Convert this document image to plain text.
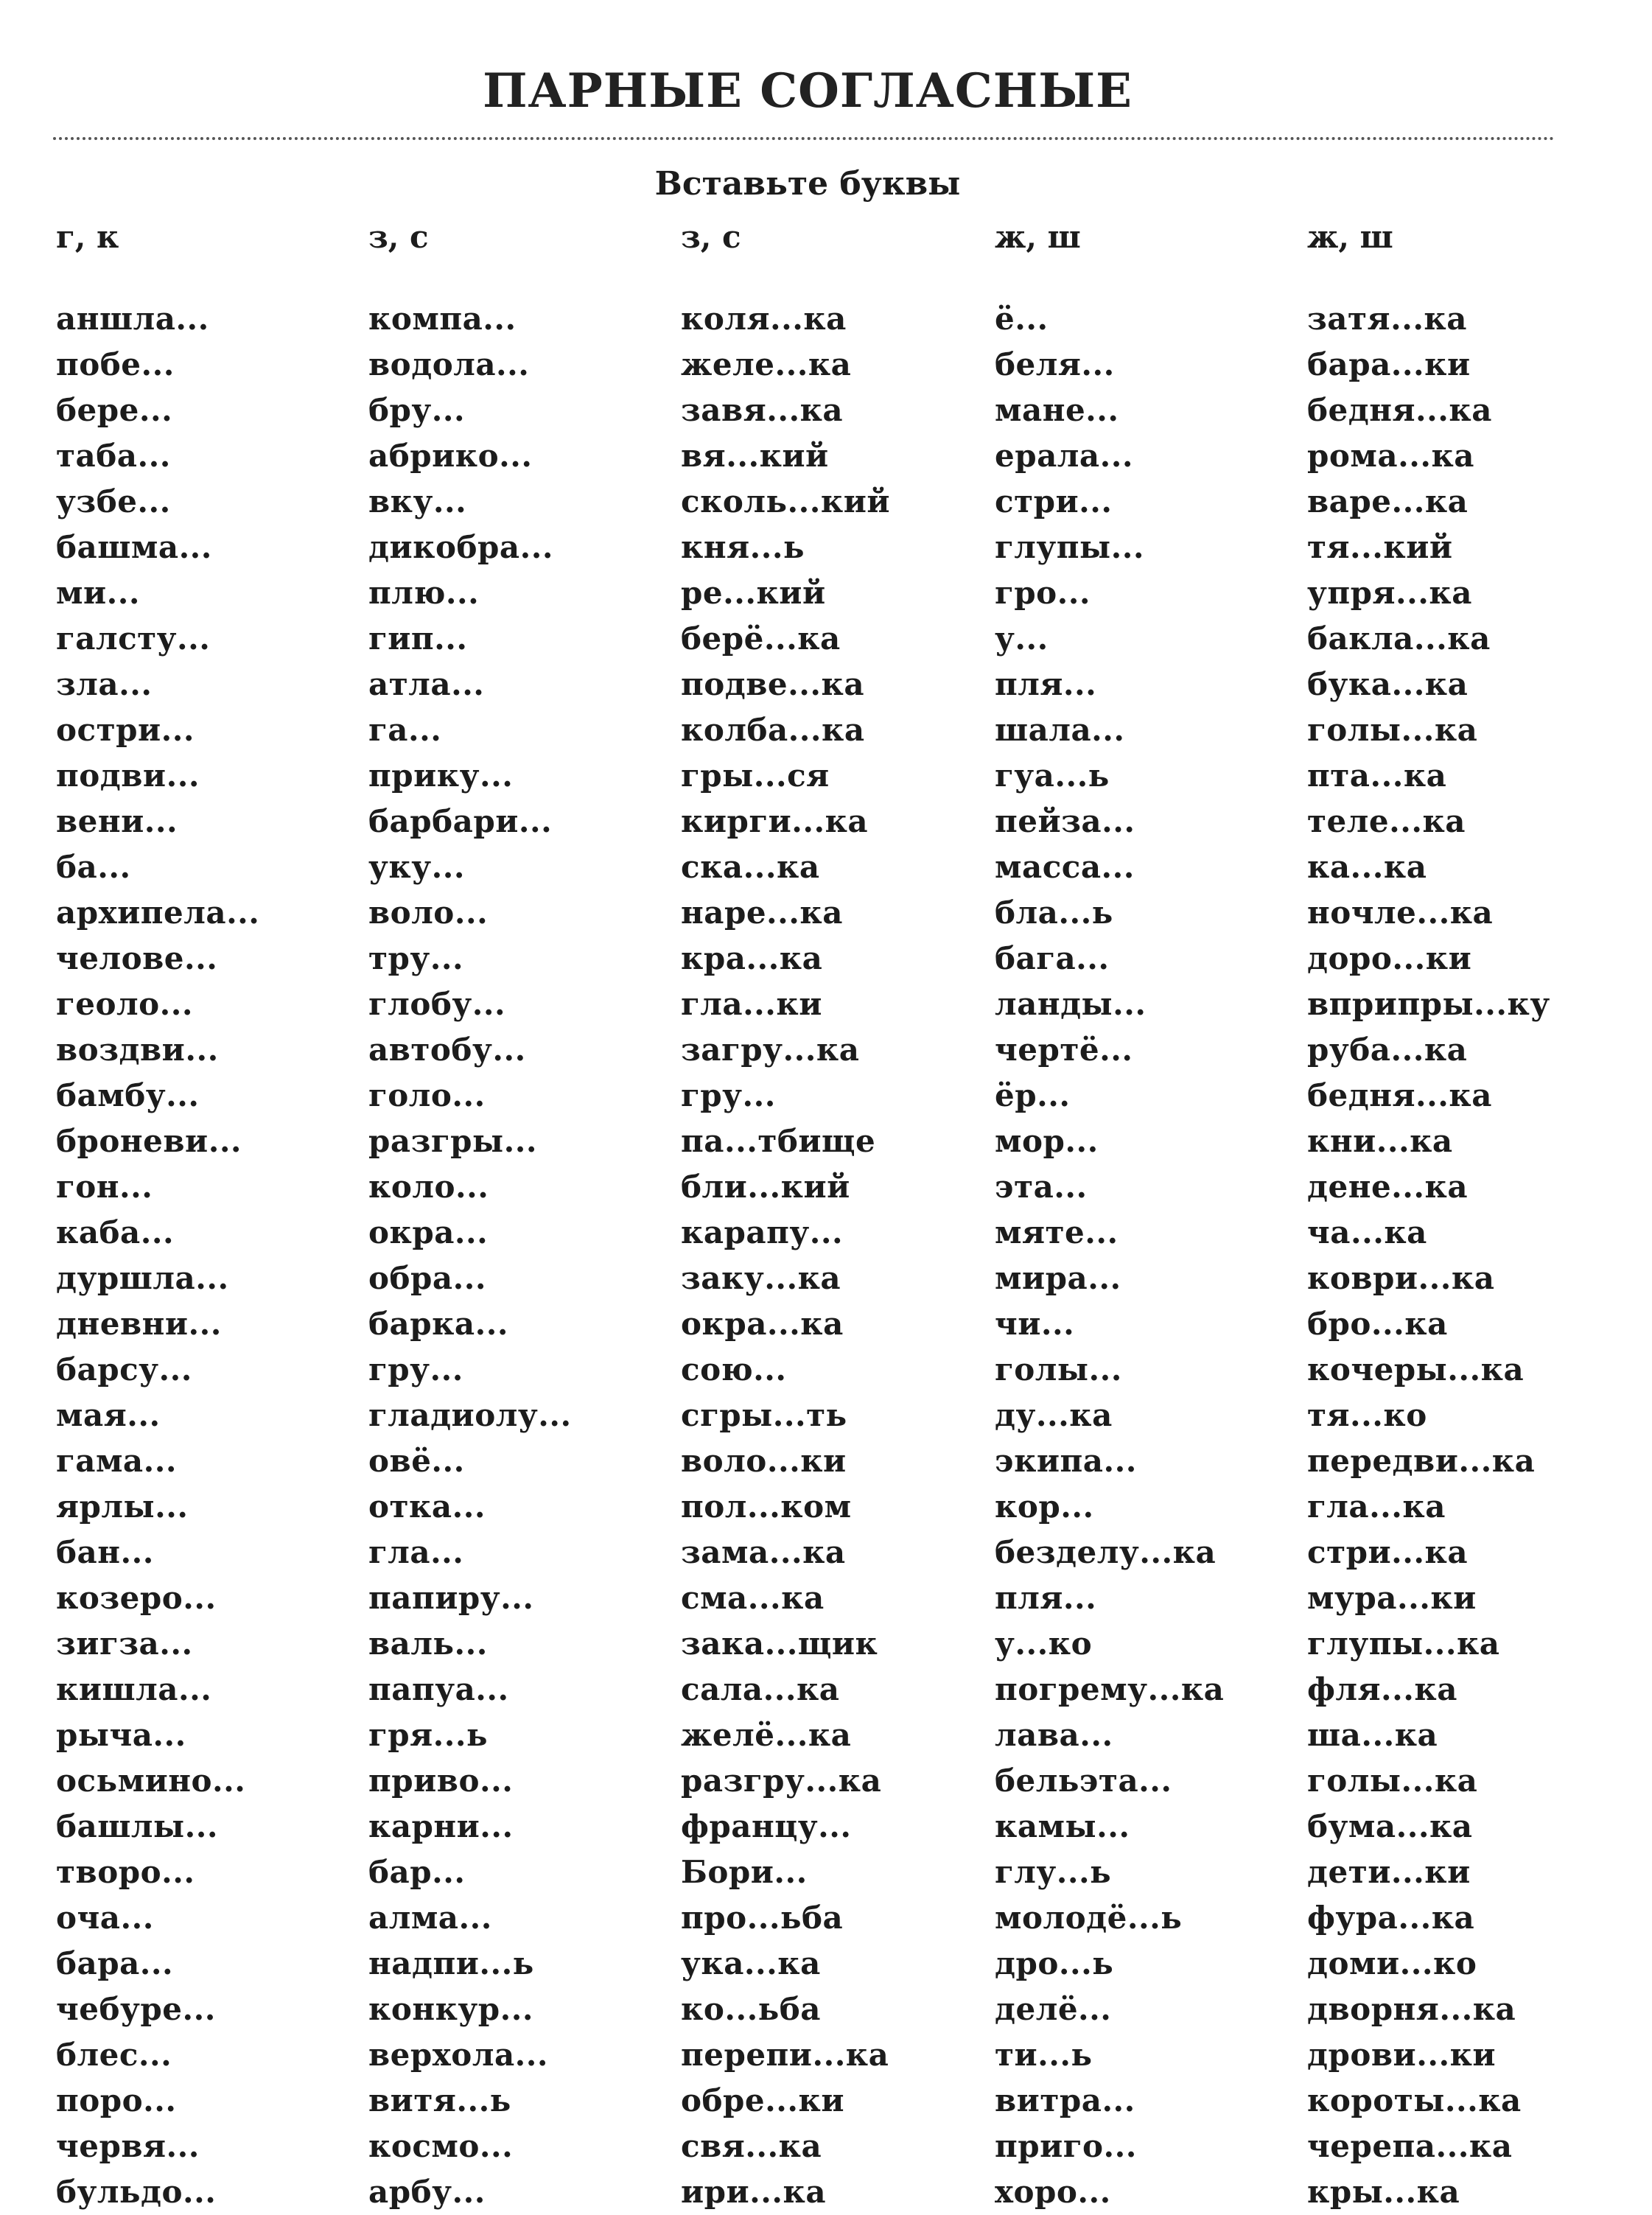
ПАРНЫЕ СОГЛАСНЫЕ
Вставьте буквы
г, к
аншла...
побе...
бере...
таба...
узбе...
башма...
ми...
галсту...
зла...
остри...
подви...
вени...
ба...
архипела...
челове...
геоло...
воздви...
бамбу...
броневи...
гон...
каба...
дуршла...
дневни...
барсу...
мая...
гама...
ярлы...
бан...
козеро...
зигза...
кишла...
рыча...
осьмино...
башлы...
творо...
оча...
бара...
чебуре...
блес...
поро...
червя...
бульдо...
з, с
компа...
водола...
бру...
абрико...
вку...
дикобра...
плю...
гип...
атла...
га...
прику...
барбари...
уку...
воло...
тру...
глобу...
автобу...
голо...
разгры...
коло...
окра...
обра...
барка...
гру...
гладиолу...
овё...
отка...
гла...
папиру...
валь...
папуа...
гря...ь
приво...
карни...
бар...
алма...
надпи...ь
конкур...
верхола...
витя...ь
космо...
арбу...
з, с
коля...ка
желе...ка
завя...ка
вя...кий
сколь...кий
кня...ь
ре...кий
берё...ка
подве...ка
колба...ка
гры...ся
кирги...ка
ска...ка
наре...ка
кра...ка
гла...ки
загру...ка
гру...
па...тбище
бли...кий
карапу...
заку...ка
окра...ка
сою...
сгры...ть
воло...ки
пол...ком
зама...ка
сма...ка
зака...щик
сала...ка
желё...ка
разгру...ка
францу...
Бори...
про...ьба
ука...ка
ко...ьба
перепи...ка
обре...ки
свя...ка
ири...ка
ж, ш
ё...
беля...
мане...
ерала...
стри...
глупы...
гро...
у...
пля...
шала...
гуа...ь
пейза...
масса...
бла...ь
бага...
ланды...
чертё...
ёр...
мор...
эта...
мяте...
мира...
чи...
голы...
ду...ка
экипа...
кор...
безделу...ка
пля...
у...ко
погрему...ка
лава...
бельэта...
камы...
глу...ь
молодё...ь
дро...ь
делё...
ти...ь
витра...
приго...
хоро...
ж, ш
затя...ка
бара...ки
бедня...ка
рома...ка
варе...ка
тя...кий
упря...ка
бакла...ка
бука...ка
голы...ка
пта...ка
теле...ка
ка...ка
ночле...ка
доро...ки
вприпры...ку
руба...ка
бедня...ка
кни...ка
дене...ка
ча...ка
коври...ка
бро...ка
кочеры...ка
тя...ко
передви...ка
гла...ка
стри...ка
мура...ки
глупы...ка
фля...ка
ша...ка
голы...ка
бума...ка
дети...ки
фура...ка
доми...ко
дворня...ка
дрови...ки
короты...ка
черепа...ка
кры...ка
